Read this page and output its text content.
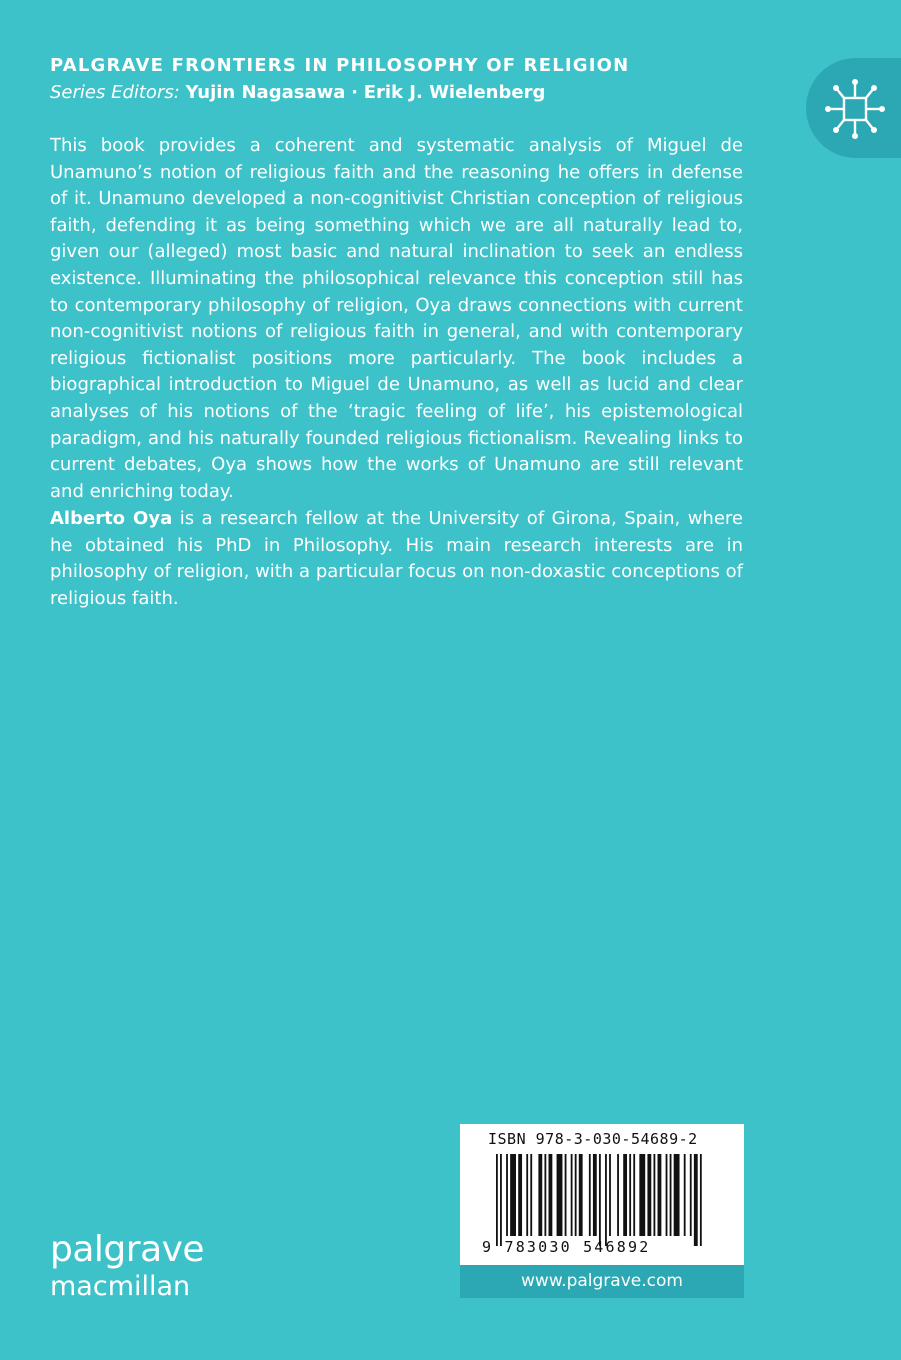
PALGRAVE FRONTIERS IN PHILOSOPHY OF RELIGION

Series Editors: Yujin Nagasawa · Erik J. Wielenberg

This book provides a coherent and systematic analysis of Miguel de Unamuno’s notion of religious faith and the reasoning he offers in defense of it. Unamuno developed a non-cognitivist Christian conception of religious faith, defending it as being something which we are all naturally lead to, given our (alleged) most basic and natural inclination to seek an endless existence. Illuminating the philosophical relevance this conception still has to contemporary philosophy of religion, Oya draws connections with current non-cognitivist notions of religious faith in general, and with contemporary religious fictionalist positions more particularly. The book includes a biographical introduction to Miguel de Unamuno, as well as lucid and clear analyses of his notions of the ‘tragic feeling of life’, his epistemological paradigm, and his naturally founded religious fictionalism. Revealing links to current debates, Oya shows how the works of Unamuno are still relevant and enriching today.

Alberto Oya is a research fellow at the University of Girona, Spain, where he obtained his PhD in Philosophy. His main research interests are in philosophy of religion, with a particular focus on non-doxastic conceptions of religious faith.

palgrave
macmillan
ISBN 978-3-030-54689-2
9 783030 546892
www.palgrave.com
